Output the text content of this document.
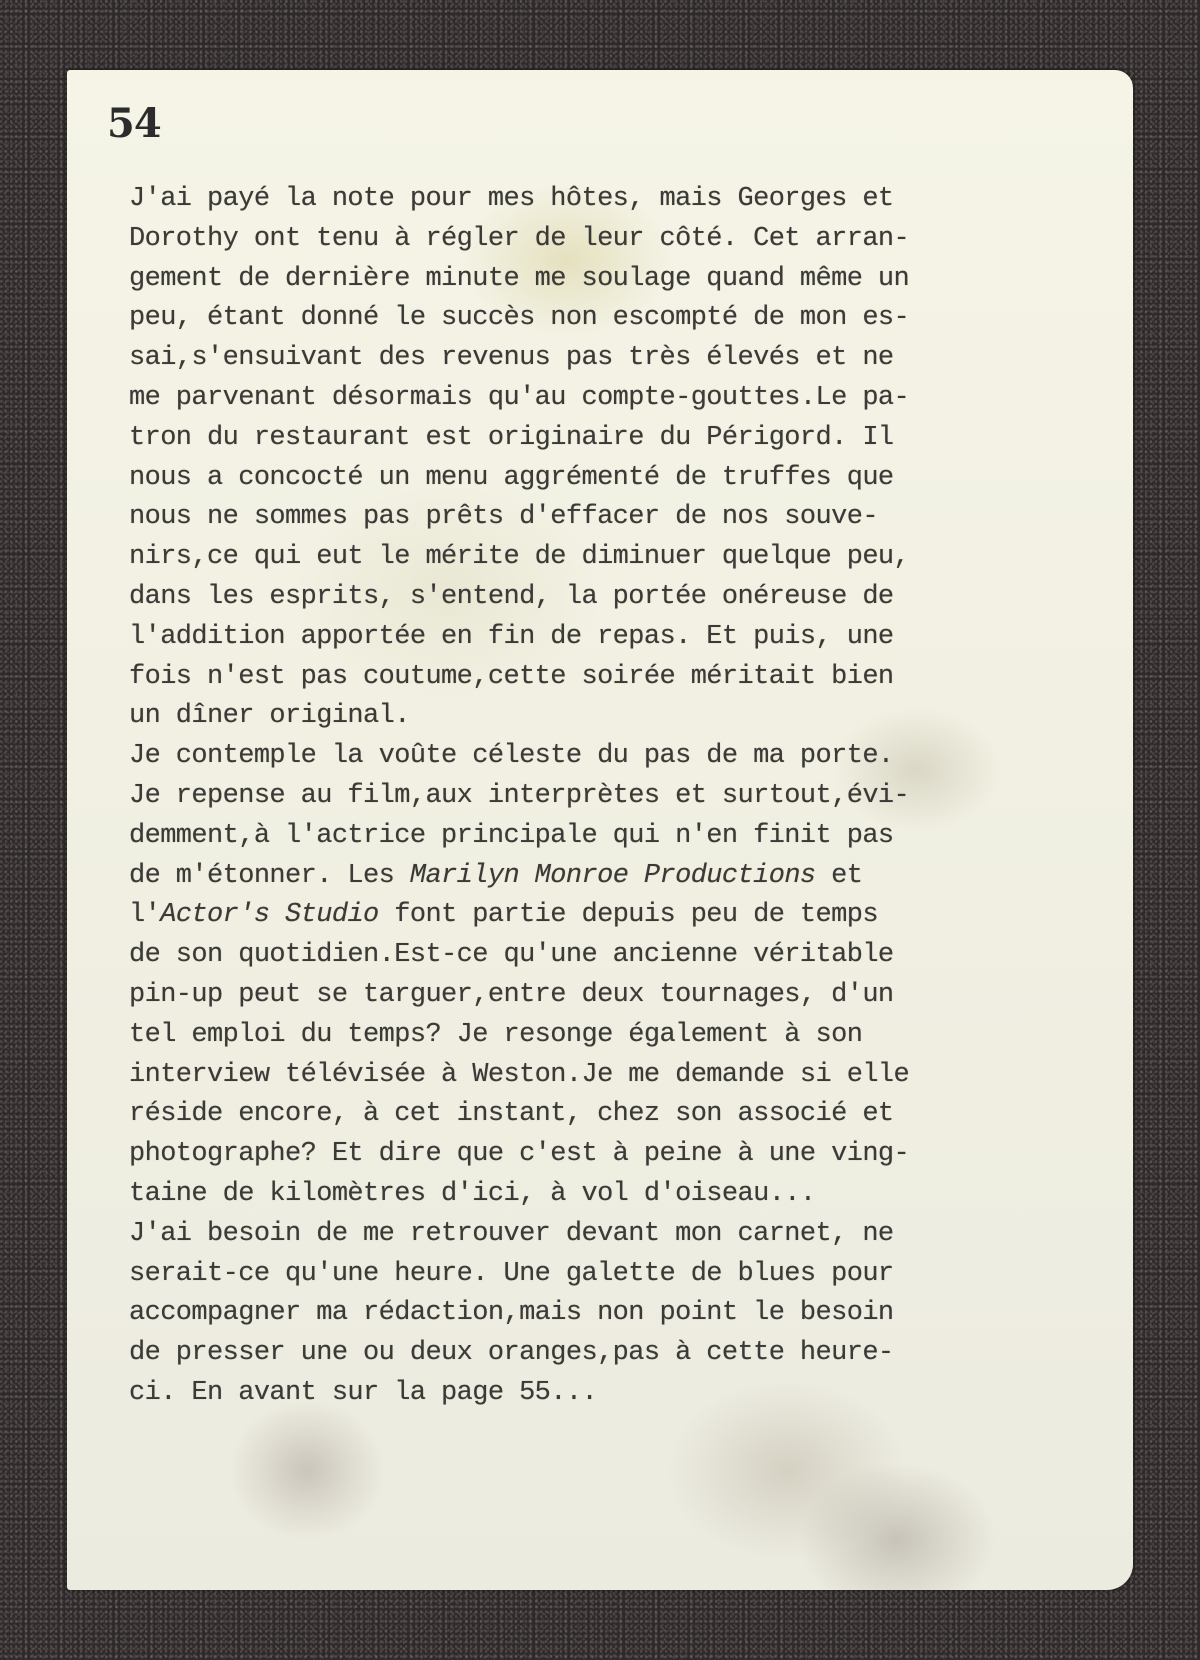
54
J'ai payé la note pour mes hôtes, mais Georges et
Dorothy ont tenu à régler de leur côté. Cet arran-
gement de dernière minute me soulage quand même un
peu, étant donné le succès non escompté de mon es-
sai,s'ensuivant des revenus pas très élevés et ne
me parvenant désormais qu'au compte-gouttes.Le pa-
tron du restaurant est originaire du Périgord. Il
nous a concocté un menu aggrémenté de truffes que
nous ne sommes pas prêts d'effacer de nos souve-
nirs,ce qui eut le mérite de diminuer quelque peu,
dans les esprits, s'entend, la portée onéreuse de
l'addition apportée en fin de repas. Et puis, une
fois n'est pas coutume,cette soirée méritait bien
un dîner original.
Je contemple la voûte céleste du pas de ma porte.
Je repense au film,aux interprètes et surtout,évi-
demment,à l'actrice principale qui n'en finit pas
de m'étonner. Les Marilyn Monroe Productions et
l'Actor's Studio font partie depuis peu de temps
de son quotidien.Est-ce qu'une ancienne véritable
pin-up peut se targuer,entre deux tournages, d'un
tel emploi du temps? Je resonge également à son
interview télévisée à Weston.Je me demande si elle
réside encore, à cet instant, chez son associé et
photographe? Et dire que c'est à peine à une ving-
taine de kilomètres d'ici, à vol d'oiseau...
J'ai besoin de me retrouver devant mon carnet, ne
serait-ce qu'une heure. Une galette de blues pour
accompagner ma rédaction,mais non point le besoin
de presser une ou deux oranges,pas à cette heure-
ci. En avant sur la page 55...
